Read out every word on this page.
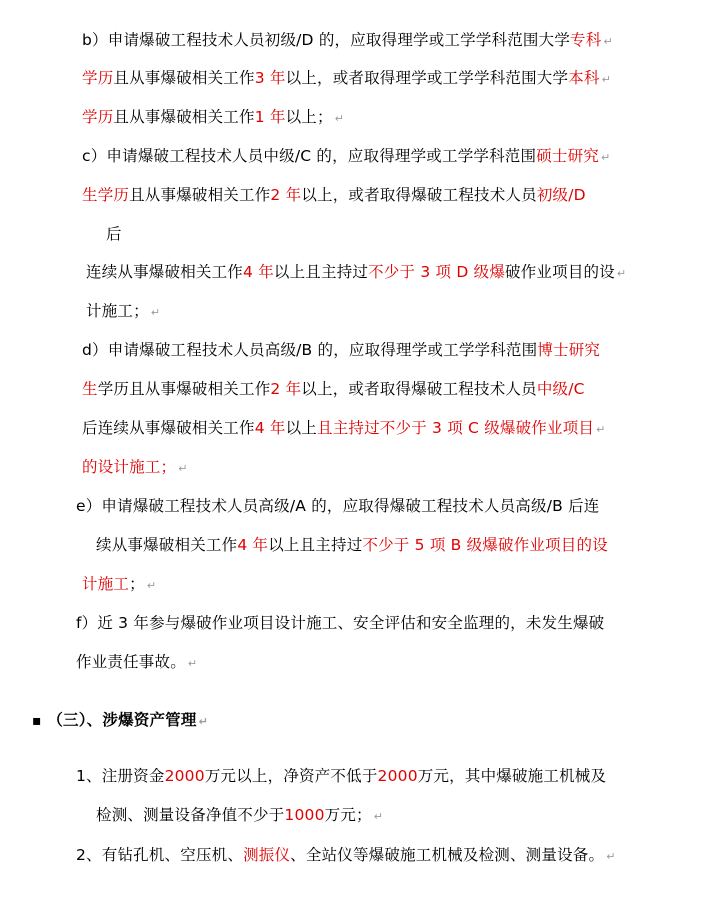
b）申请爆破工程技术人员初级/D 的，应取得理学或工学学科范围大学专科 ↵
学历且从事爆破相关工作3 年以上，或者取得理学或工学学科范围大学本科 ↵
学历且从事爆破相关工作1 年以上； ↵
c）申请爆破工程技术人员中级/C 的，应取得理学或工学学科范围硕士研究 ↵
生学历且从事爆破相关工作2 年以上，或者取得爆破工程技术人员初级/D
后
连续从事爆破相关工作4 年以上且主持过不少于 3 项 D 级爆破作业项目的设 ↵
计施工； ↵
d）申请爆破工程技术人员高级/B 的，应取得理学或工学学科范围博士研究
生学历且从事爆破相关工作2 年以上，或者取得爆破工程技术人员中级/C
后连续从事爆破相关工作4 年以上且主持过不少于 3 项 C 级爆破作业项目 ↵
的设计施工； ↵
e）申请爆破工程技术人员高级/A 的，应取得爆破工程技术人员高级/B 后连
续从事爆破相关工作4 年以上且主持过不少于 5 项 B 级爆破作业项目的设
计施工； ↵
f）近 3 年参与爆破作业项目设计施工、安全评估和安全监理的，未发生爆破
作业责任事故。 ↵
▪ （三）、涉爆资产管理 ↵
1、注册资金2000万元以上，净资产不低于2000万元，其中爆破施工机械及
检测、测量设备净值不少于1000万元； ↵
2、有钻孔机、空压机、测振仪、全站仪等爆破施工机械及检测、测量设备。 ↵
